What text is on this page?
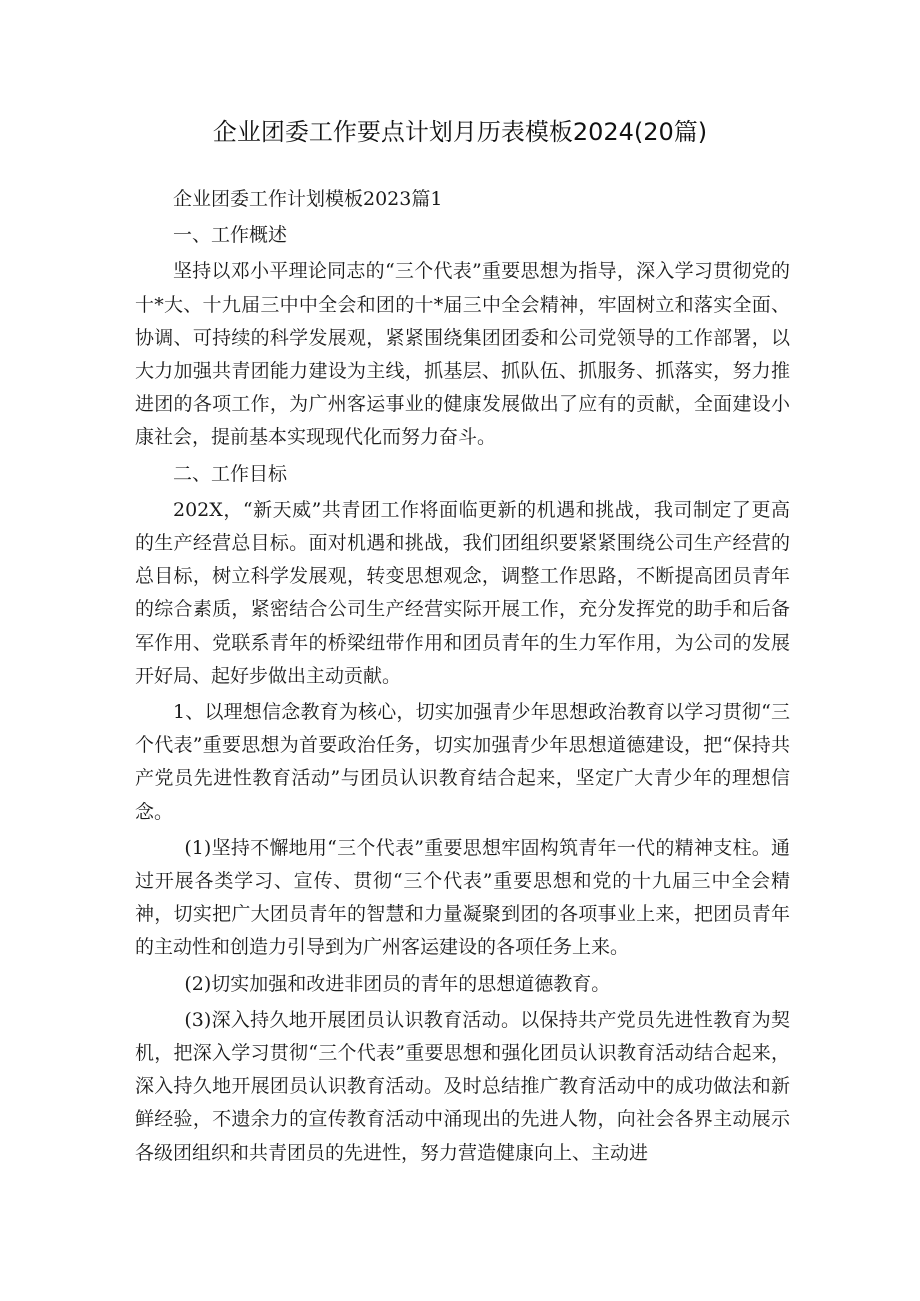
企业团委工作要点计划月历表模板2024(20篇)

企业团委工作计划模板2023篇1

一、工作概述

坚持以邓小平理论同志的“三个代表”重要思想为指导，深入学习贯彻党的十*大、十九届三中中全会和团的十*届三中全会精神，牢固树立和落实全面、协调、可持续的科学发展观，紧紧围绕集团团委和公司党领导的工作部署，以大力加强共青团能力建设为主线，抓基层、抓队伍、抓服务、抓落实，努力推进团的各项工作，为广州客运事业的健康发展做出了应有的贡献，全面建设小康社会，提前基本实现现代化而努力奋斗。

二、工作目标

202X，“新天威”共青团工作将面临更新的机遇和挑战，我司制定了更高的生产经营总目标。面对机遇和挑战，我们团组织要紧紧围绕公司生产经营的总目标，树立科学发展观，转变思想观念，调整工作思路，不断提高团员青年的综合素质，紧密结合公司生产经营实际开展工作，充分发挥党的助手和后备军作用、党联系青年的桥梁纽带作用和团员青年的生力军作用，为公司的发展开好局、起好步做出主动贡献。

1、以理想信念教育为核心，切实加强青少年思想政治教育以学习贯彻“三个代表”重要思想为首要政治任务，切实加强青少年思想道德建设，把“保持共产党员先进性教育活动”与团员认识教育结合起来，坚定广大青少年的理想信念。

(1)坚持不懈地用“三个代表”重要思想牢固构筑青年一代的精神支柱。通过开展各类学习、宣传、贯彻“三个代表”重要思想和党的十九届三中全会精神，切实把广大团员青年的智慧和力量凝聚到团的各项事业上来，把团员青年的主动性和创造力引导到为广州客运建设的各项任务上来。

(2)切实加强和改进非团员的青年的思想道德教育。

(3)深入持久地开展团员认识教育活动。以保持共产党员先进性教育为契机，把深入学习贯彻“三个代表”重要思想和强化团员认识教育活动结合起来，深入持久地开展团员认识教育活动。及时总结推广教育活动中的成功做法和新鲜经验，不遗余力的宣传教育活动中涌现出的先进人物，向社会各界主动展示各级团组织和共青团员的先进性，努力营造健康向上、主动进
